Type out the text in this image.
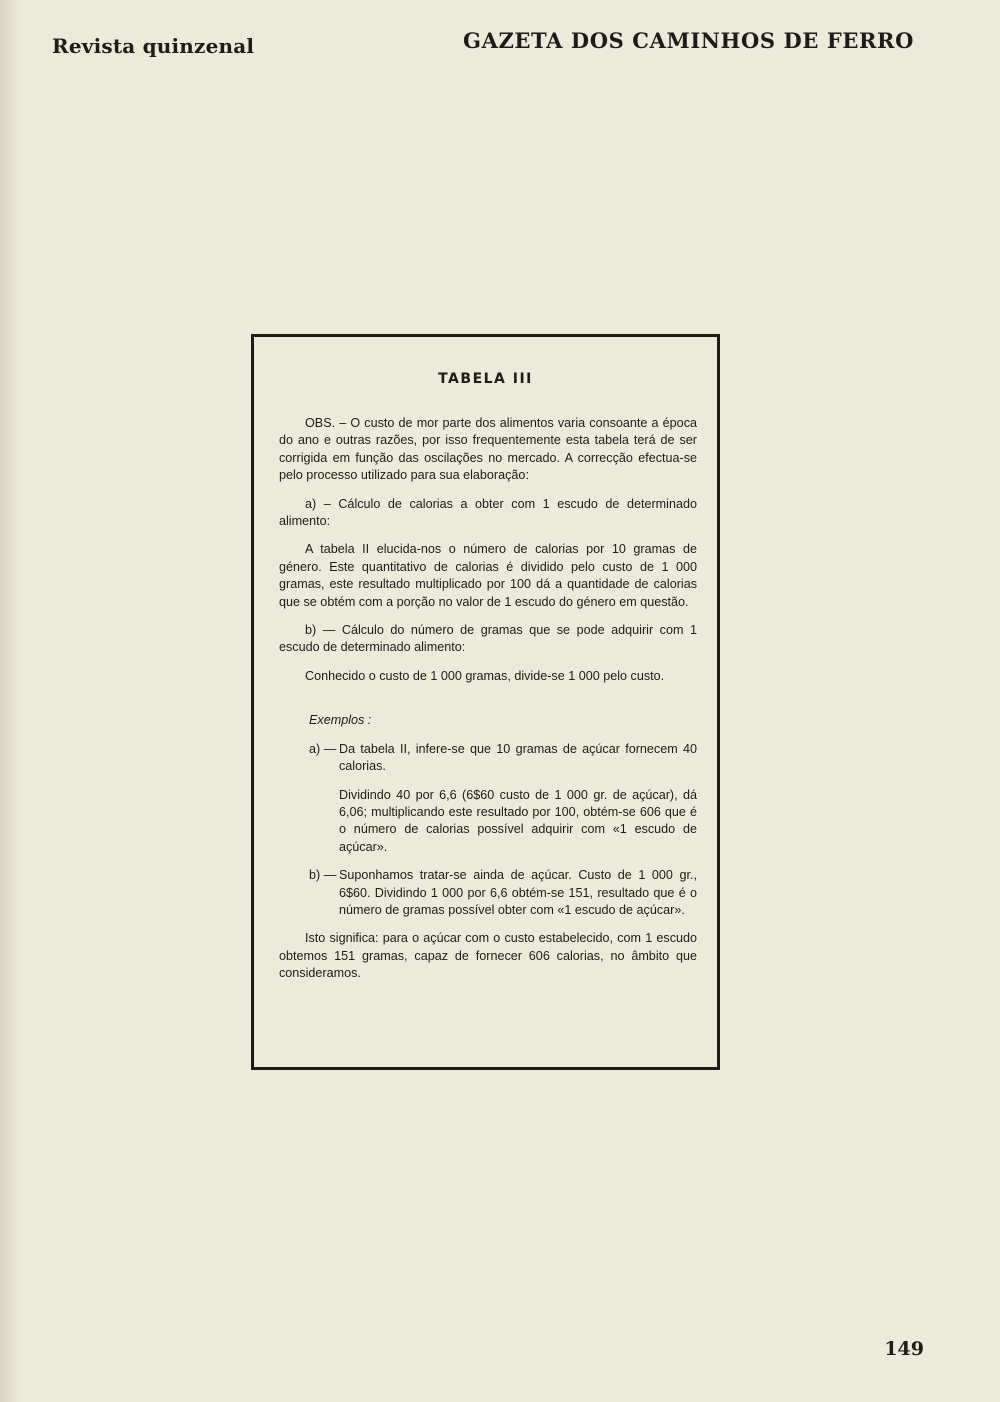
Revista quinzenal	GAZETA DOS CAMINHOS DE FERRO
TABELA III

OBS. – O custo de mor parte dos alimentos varia consoante a época do ano e outras razões, por isso frequentemente esta tabela terá de ser corrigida em função das oscilações no mercado. A correcção efectua-se pelo processo utilizado para sua elaboração:

a) – Cálculo de calorias a obter com 1 escudo de determinado alimento:

A tabela II elucida-nos o número de calorias por 10 gramas de género. Este quantitativo de calorias é dividido pelo custo de 1 000 gramas, este resultado multiplicado por 100 dá a quantidade de calorias que se obtém com a porção no valor de 1 escudo do género em questão.

b) — Cálculo do número de gramas que se pode adquirir com 1 escudo de determinado alimento:

Conhecido o custo de 1 000 gramas, divide-se 1 000 pelo custo.

Exemplos :

a) — Da tabela II, infere-se que 10 gramas de açúcar fornecem 40 calorias.

Dividindo 40 por 6,6 (6$60 custo de 1 000 gr. de açúcar), dá 6,06; multiplicando este resultado por 100, obtém-se 606 que é o número de calorias possível adquirir com «1 escudo de açúcar».

b) — Suponhamos tratar-se ainda de açúcar. Custo de 1 000 gr., 6$60. Dividindo 1 000 por 6,6 obtém-se 151, resultado que é o número de gramas possível obter com «1 escudo de açúcar».

Isto significa: para o açúcar com o custo estabelecido, com 1 escudo obtemos 151 gramas, capaz de fornecer 606 calorias, no âmbito que consideramos.

149
